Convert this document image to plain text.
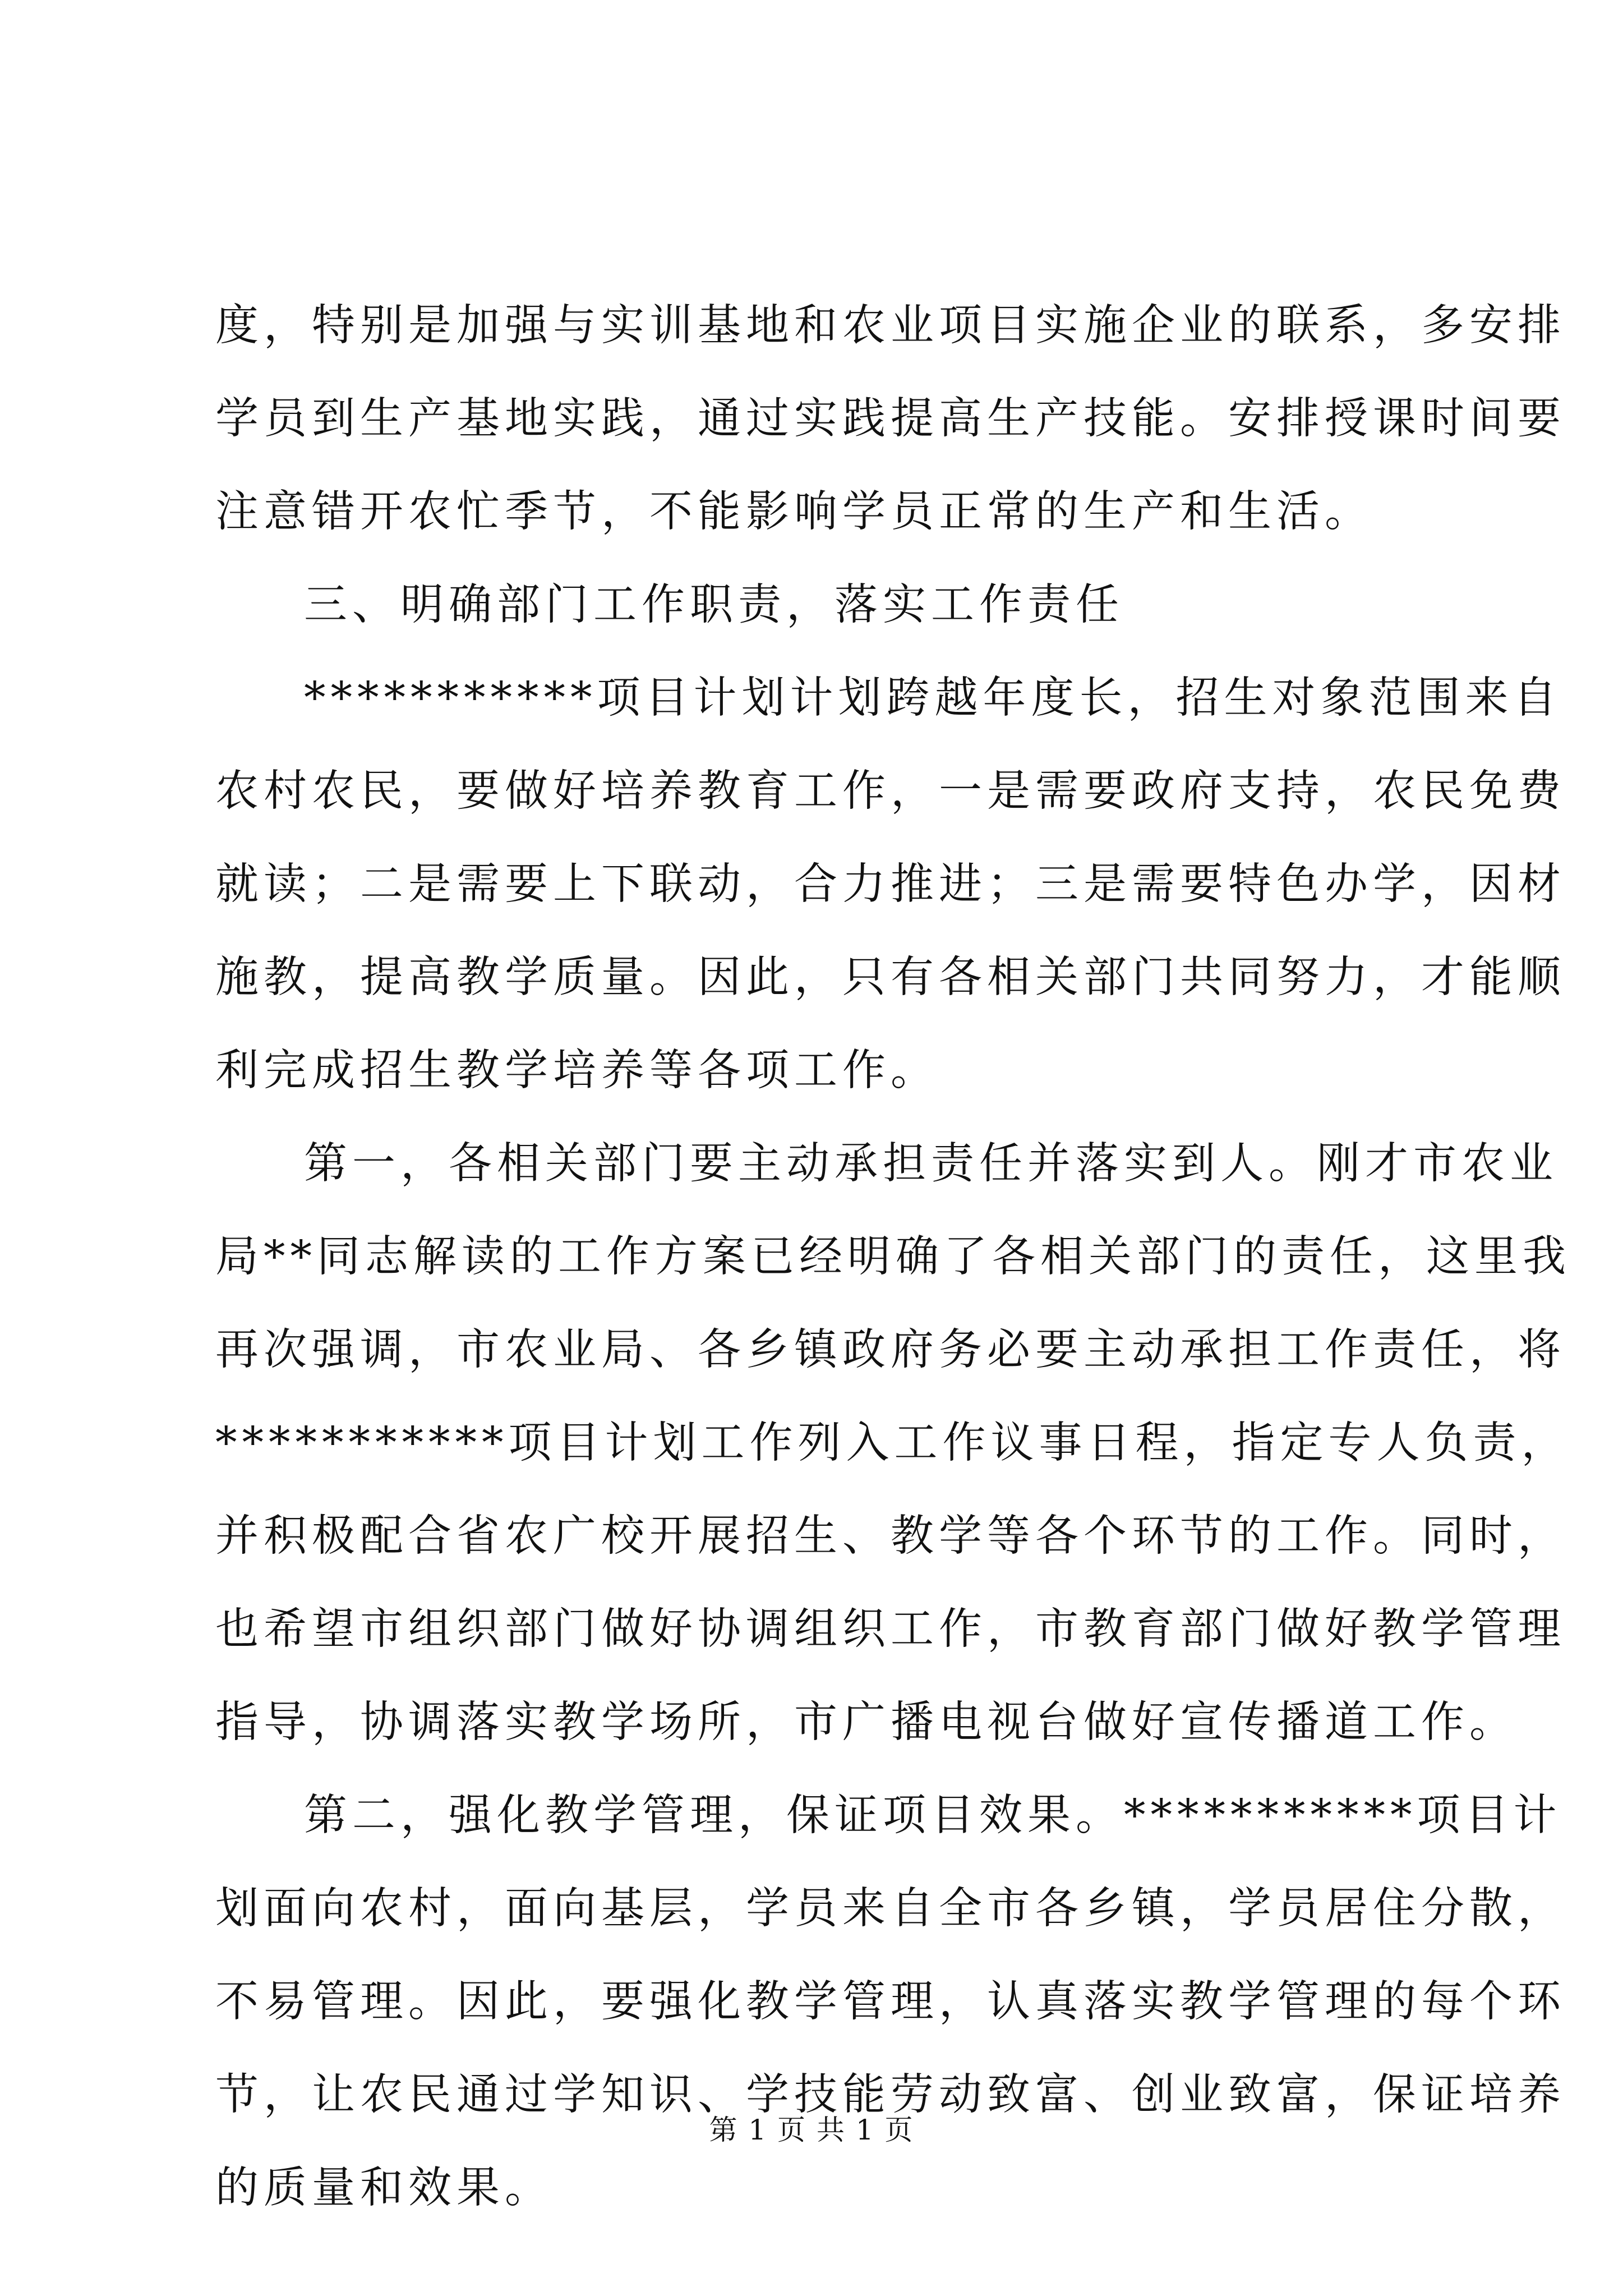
度，特别是加强与实训基地和农业项目实施企业的联系，多安排
学员到生产基地实践，通过实践提高生产技能。安排授课时间要
注意错开农忙季节，不能影响学员正常的生产和生活。
三、明确部门工作职责，落实工作责任
***********项目计划计划跨越年度长，招生对象范围来自
农村农民，要做好培养教育工作，一是需要政府支持，农民免费
就读；二是需要上下联动，合力推进；三是需要特色办学，因材
施教，提高教学质量。因此，只有各相关部门共同努力，才能顺
利完成招生教学培养等各项工作。
第一，各相关部门要主动承担责任并落实到人。刚才市农业
局**同志解读的工作方案已经明确了各相关部门的责任，这里我
再次强调，市农业局、各乡镇政府务必要主动承担工作责任，将
***********项目计划工作列入工作议事日程，指定专人负责，
并积极配合省农广校开展招生、教学等各个环节的工作。同时，
也希望市组织部门做好协调组织工作，市教育部门做好教学管理
指导，协调落实教学场所，市广播电视台做好宣传播道工作。
第二，强化教学管理，保证项目效果。***********项目计
划面向农村，面向基层，学员来自全市各乡镇，学员居住分散，
不易管理。因此，要强化教学管理，认真落实教学管理的每个环
节，让农民通过学知识、学技能劳动致富、创业致富，保证培养
的质量和效果。
第 1 页 共 1 页
